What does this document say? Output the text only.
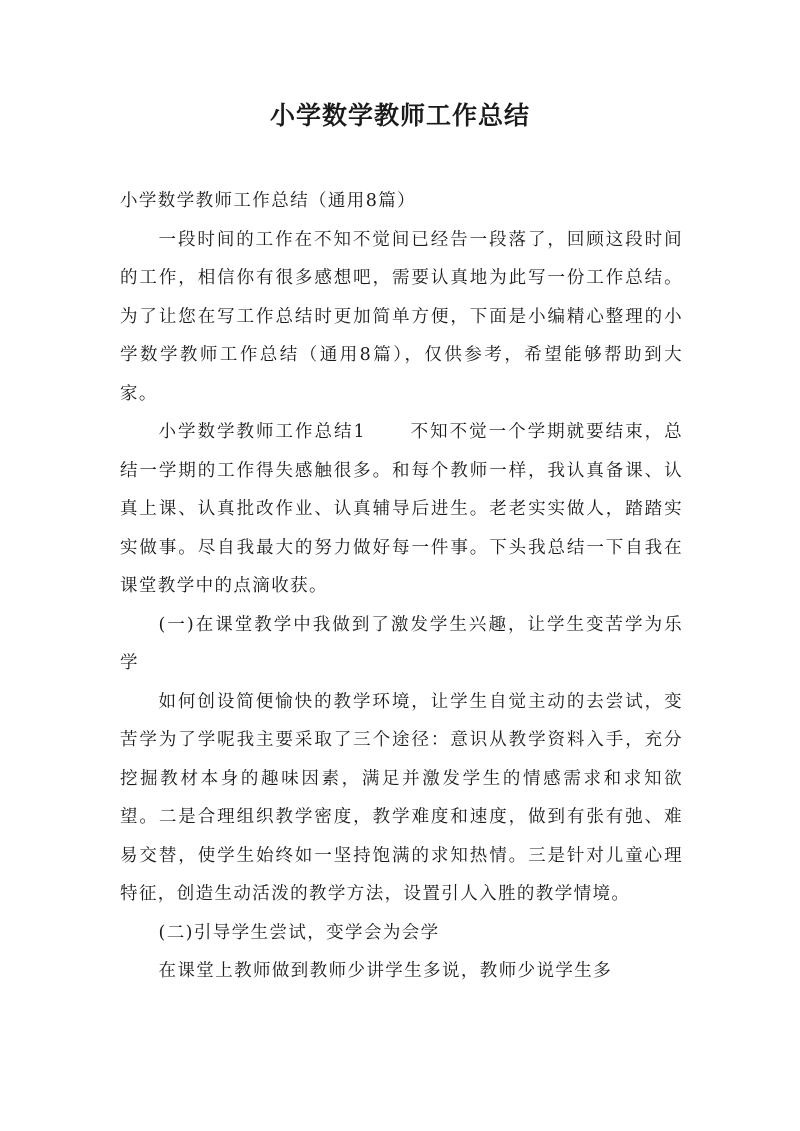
小学数学教师工作总结

小学数学教师工作总结（通用8篇）

一段时间的工作在不知不觉间已经告一段落了，回顾这段时间的工作，相信你有很多感想吧，需要认真地为此写一份工作总结。为了让您在写工作总结时更加简单方便，下面是小编精心整理的小学数学教师工作总结（通用8篇），仅供参考，希望能够帮助到大家。

小学数学教师工作总结1	不知不觉一个学期就要结束，总结一学期的工作得失感触很多。和每个教师一样，我认真备课、认真上课、认真批改作业、认真辅导后进生。老老实实做人，踏踏实实做事。尽自我最大的努力做好每一件事。下头我总结一下自我在课堂教学中的点滴收获。

(一)在课堂教学中我做到了激发学生兴趣，让学生变苦学为乐学

如何创设简便愉快的教学环境，让学生自觉主动的去尝试，变苦学为了学呢我主要采取了三个途径：意识从教学资料入手，充分挖掘教材本身的趣味因素，满足并激发学生的情感需求和求知欲望。二是合理组织教学密度，教学难度和速度，做到有张有弛、难易交替，使学生始终如一坚持饱满的求知热情。三是针对儿童心理特征，创造生动活泼的教学方法，设置引人入胜的教学情境。

(二)引导学生尝试，变学会为会学

在课堂上教师做到教师少讲学生多说，教师少说学生多
